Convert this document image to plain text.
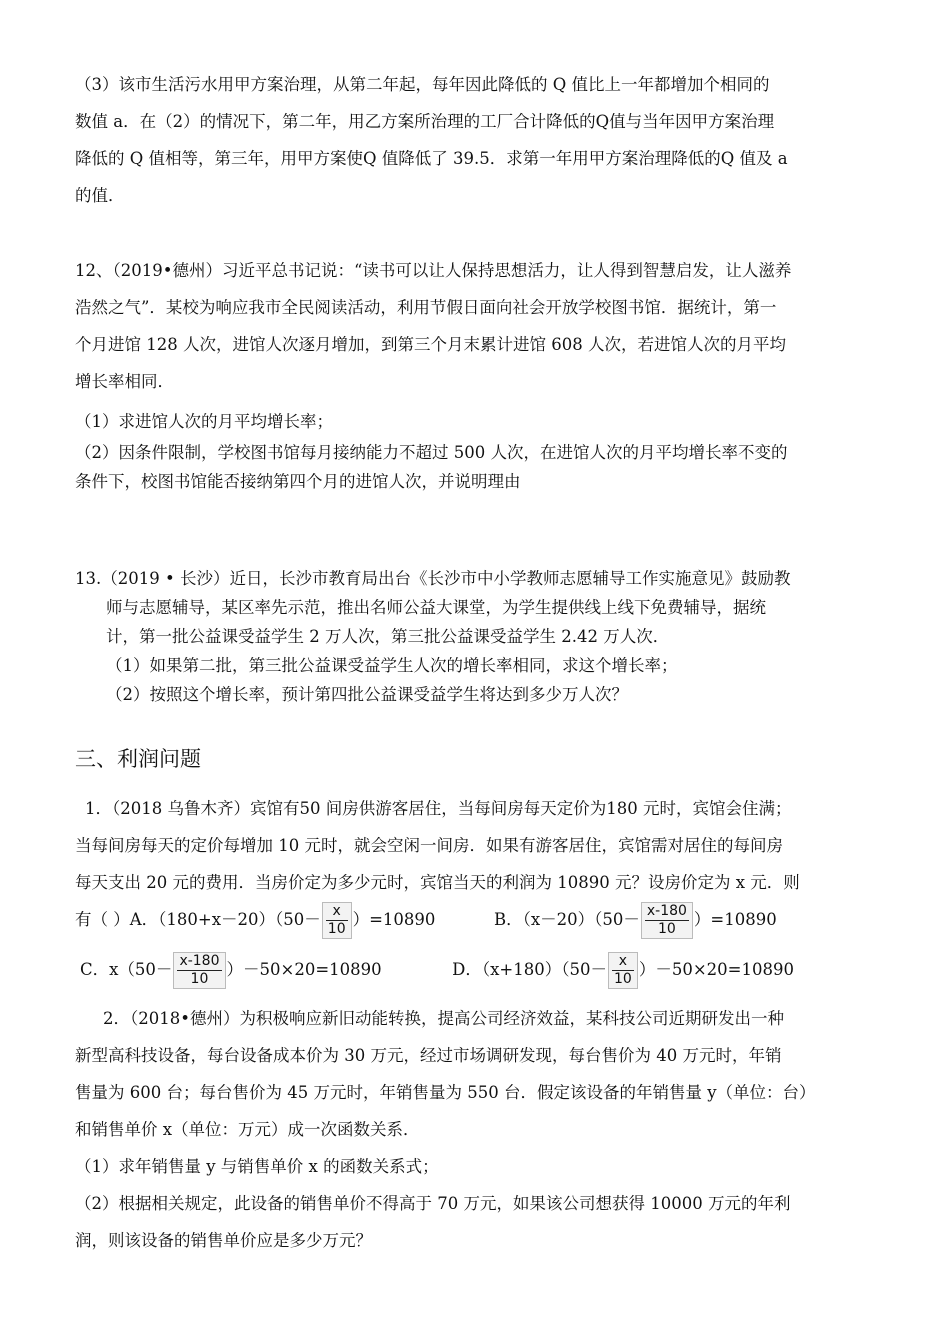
（3）该市生活污水用甲方案治理，从第二年起，每年因此降低的 Q 值比上一年都增加个相同的
数值 a．在（2）的情况下，第二年，用乙方案所治理的工厂合计降低的Q值与当年因甲方案治理
降低的 Q 值相等，第三年，用甲方案使Q 值降低了 39.5．求第一年用甲方案治理降低的Q 值及 a
的值．
12、（2019•德州）习近平总书记说：“读书可以让人保持思想活力，让人得到智慧启发，让人滋养
浩然之气”．某校为响应我市全民阅读活动，利用节假日面向社会开放学校图书馆．据统计，第一
个月进馆 128 人次，进馆人次逐月增加，到第三个月末累计进馆 608 人次，若进馆人次的月平均
增长率相同．
（1）求进馆人次的月平均增长率；
（2）因条件限制，学校图书馆每月接纳能力不超过 500 人次，在进馆人次的月平均增长率不变的
条件下，校图书馆能否接纳第四个月的进馆人次，并说明理由
13.（2019 • 长沙）近日，长沙市教育局出台《长沙市中小学教师志愿辅导工作实施意见》鼓励教
师与志愿辅导，某区率先示范，推出名师公益大课堂，为学生提供线上线下免费辅导，据统
计，第一批公益课受益学生 2 万人次，第三批公益课受益学生 2.42 万人次．
（1）如果第二批，第三批公益课受益学生人次的增长率相同，求这个增长率；
（2）按照这个增长率，预计第四批公益课受益学生将达到多少万人次？
三、利润问题
1．（2018 乌鲁木齐）宾馆有50 间房供游客居住，当每间房每天定价为180 元时，宾馆会住满；
当每间房每天的定价每增加 10 元时，就会空闲一间房．如果有游客居住，宾馆需对居住的每间房
每天支出 20 元的费用．当房价定为多少元时，宾馆当天的利润为 10890 元？设房价定为 x 元．则
有（ ）A．$(180+x-20)(50- \frac{x}{10} )=10890$	B．$(x-20)(50- \frac{x-180}{10} )=10890$
C．$x(50- \frac{x-180}{10} )-50\times 20=10890$	D．$(x+180)(50- \frac{x}{10} )-50\times 20=10890$
2．（2018•德州）为积极响应新旧动能转换，提高公司经济效益，某科技公司近期研发出一种
新型高科技设备，每台设备成本价为 30 万元，经过市场调研发现，每台售价为 40 万元时，年销
售量为 600 台；每台售价为 45 万元时，年销售量为 550 台．假定该设备的年销售量 y（单位：台）
和销售单价 x（单位：万元）成一次函数关系．
（1）求年销售量 y 与销售单价 x 的函数关系式；
（2）根据相关规定，此设备的销售单价不得高于 70 万元，如果该公司想获得 10000 万元的年利
润，则该设备的销售单价应是多少万元？
